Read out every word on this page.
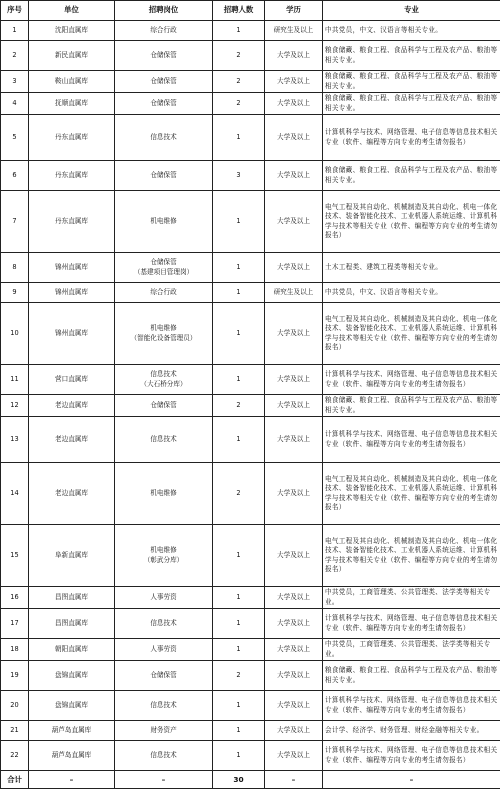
序号	单位	招聘岗位	招聘人数	学历	专业
1	沈阳直属库	综合行政	1	研究生及以上	中共党员，中文、汉语言等相关专业。
2	新民直属库	仓储保管	2	大学及以上	粮食储藏、粮食工程、食品科学与工程及农产品、粮油等相关专业。
3	鞍山直属库	仓储保管	2	大学及以上	粮食储藏、粮食工程、食品科学与工程及农产品、粮油等相关专业。
4	抚顺直属库	仓储保管	2	大学及以上	粮食储藏、粮食工程、食品科学与工程及农产品、粮油等相关专业。
5	丹东直属库	信息技术	1	大学及以上	计算机科学与技术、网络管理、电子信息等信息技术相关专业（软件、编程等方向专业的考生请勿报名）
6	丹东直属库	仓储保管	3	大学及以上	粮食储藏、粮食工程、食品科学与工程及农产品、粮油等相关专业。
7	丹东直属库	机电维修	1	大学及以上	电气工程及其自动化、机械制造及其自动化、机电一体化技术、装备智能化技术、工业机器人系统运维、计算机科学与技术等相关专业（软件、编程等方向专业的考生请勿报名）
8	锦州直属库	仓储保管
（基建项目管理岗）	1	大学及以上	土木工程类、建筑工程类等相关专业。
9	锦州直属库	综合行政	1	研究生及以上	中共党员，中文、汉语言等相关专业。
10	锦州直属库	机电维修
（智能化设备管理员）	1	大学及以上	电气工程及其自动化、机械制造及其自动化、机电一体化技术、装备智能化技术、工业机器人系统运维、计算机科学与技术等相关专业（软件、编程等方向专业的考生请勿报名）
11	营口直属库	信息技术
（大石桥分库）	1	大学及以上	计算机科学与技术、网络管理、电子信息等信息技术相关专业（软件、编程等方向专业的考生请勿报名）
12	老边直属库	仓储保管	2	大学及以上	粮食储藏、粮食工程、食品科学与工程及农产品、粮油等相关专业。
13	老边直属库	信息技术	1	大学及以上	计算机科学与技术、网络管理、电子信息等信息技术相关专业（软件、编程等方向专业的考生请勿报名）
14	老边直属库	机电维修	2	大学及以上	电气工程及其自动化、机械制造及其自动化、机电一体化技术、装备智能化技术、工业机器人系统运维、计算机科学与技术等相关专业（软件、编程等方向专业的考生请勿报名）
15	阜新直属库	机电维修
（彰武分库）	1	大学及以上	电气工程及其自动化、机械制造及其自动化、机电一体化技术、装备智能化技术、工业机器人系统运维、计算机科学与技术等相关专业（软件、编程等方向专业的考生请勿报名）
16	昌图直属库	人事劳资	1	大学及以上	中共党员，工商管理类、公共管理类、法学类等相关专业。
17	昌图直属库	信息技术	1	大学及以上	计算机科学与技术、网络管理、电子信息等信息技术相关专业（软件、编程等方向专业的考生请勿报名）
18	朝阳直属库	人事劳资	1	大学及以上	中共党员，工商管理类、公共管理类、法学类等相关专业。
19	盘锦直属库	仓储保管	2	大学及以上	粮食储藏、粮食工程、食品科学与工程及农产品、粮油等相关专业。
20	盘锦直属库	信息技术	1	大学及以上	计算机科学与技术、网络管理、电子信息等信息技术相关专业（软件、编程等方向专业的考生请勿报名）
21	葫芦岛直属库	财务资产	1	大学及以上	会计学、经济学、财务管理、财经金融等相关专业。
22	葫芦岛直属库	信息技术	1	大学及以上	计算机科学与技术、网络管理、电子信息等信息技术相关专业（软件、编程等方向专业的考生请勿报名）
合计	–	–	30	–	–
